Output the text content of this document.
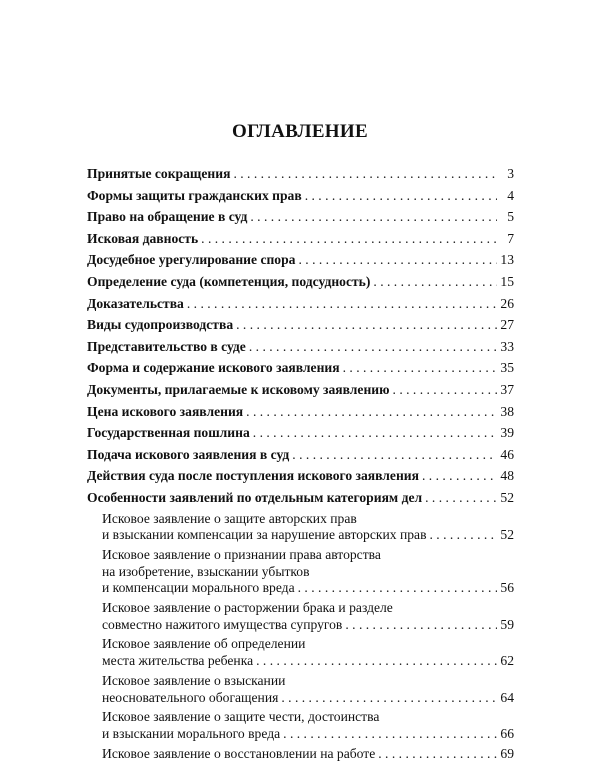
ОГЛАВЛЕНИЕ
Принятые сокращения . . .	3
Формы защиты гражданских прав . . .	4
Право на обращение в суд . . .	5
Исковая давность . . .	7
Досудебное урегулирование спора . . .	13
Определение суда (компетенция, подсудность) . . .	15
Доказательства . . .	26
Виды судопроизводства . . .	27
Представительство в суде . . .	33
Форма и содержание искового заявления . . .	35
Документы, прилагаемые к исковому заявлению . . .	37
Цена искового заявления . . .	38
Государственная пошлина . . .	39
Подача искового заявления в суд . . .	46
Действия суда после поступления искового заявления . . .	48
Особенности заявлений по отдельным категориям дел . . .	52
Исковое заявление о защите авторских прав
и взыскании компенсации за нарушение авторских прав . . .	52
Исковое заявление о признании права авторства
на изобретение, взыскании убытков
и компенсации морального вреда . . .	56
Исковое заявление о расторжении брака и разделе
совместно нажитого имущества супругов . . .	59
Исковое заявление об определении
места жительства ребенка . . .	62
Исковое заявление о взыскании
неосновательного обогащения . . .	64
Исковое заявление о защите чести, достоинства
и взыскании морального вреда . . .	66
Исковое заявление о восстановлении на работе . . .	69
